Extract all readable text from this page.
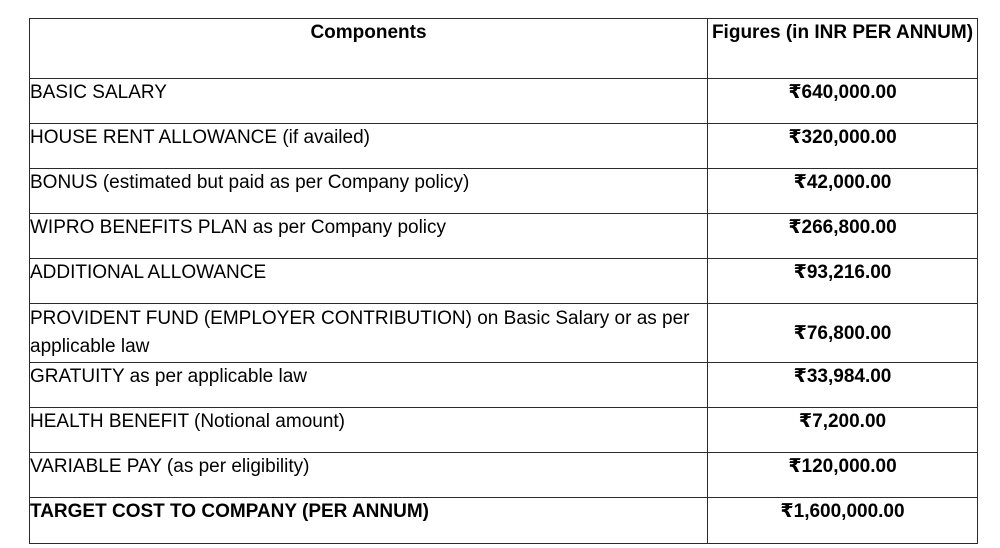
Components	Figures (in INR PER ANNUM)
BASIC SALARY	₹640,000.00
HOUSE RENT ALLOWANCE (if availed)	₹320,000.00
BONUS (estimated but paid as per Company policy)	₹42,000.00
WIPRO BENEFITS PLAN as per Company policy	₹266,800.00
ADDITIONAL ALLOWANCE	₹93,216.00
PROVIDENT FUND (EMPLOYER CONTRIBUTION) on Basic Salary or as per applicable law	₹76,800.00
GRATUITY as per applicable law	₹33,984.00
HEALTH BENEFIT (Notional amount)	₹7,200.00
VARIABLE PAY (as per eligibility)	₹120,000.00
TARGET COST TO COMPANY (PER ANNUM)	₹1,600,000.00
